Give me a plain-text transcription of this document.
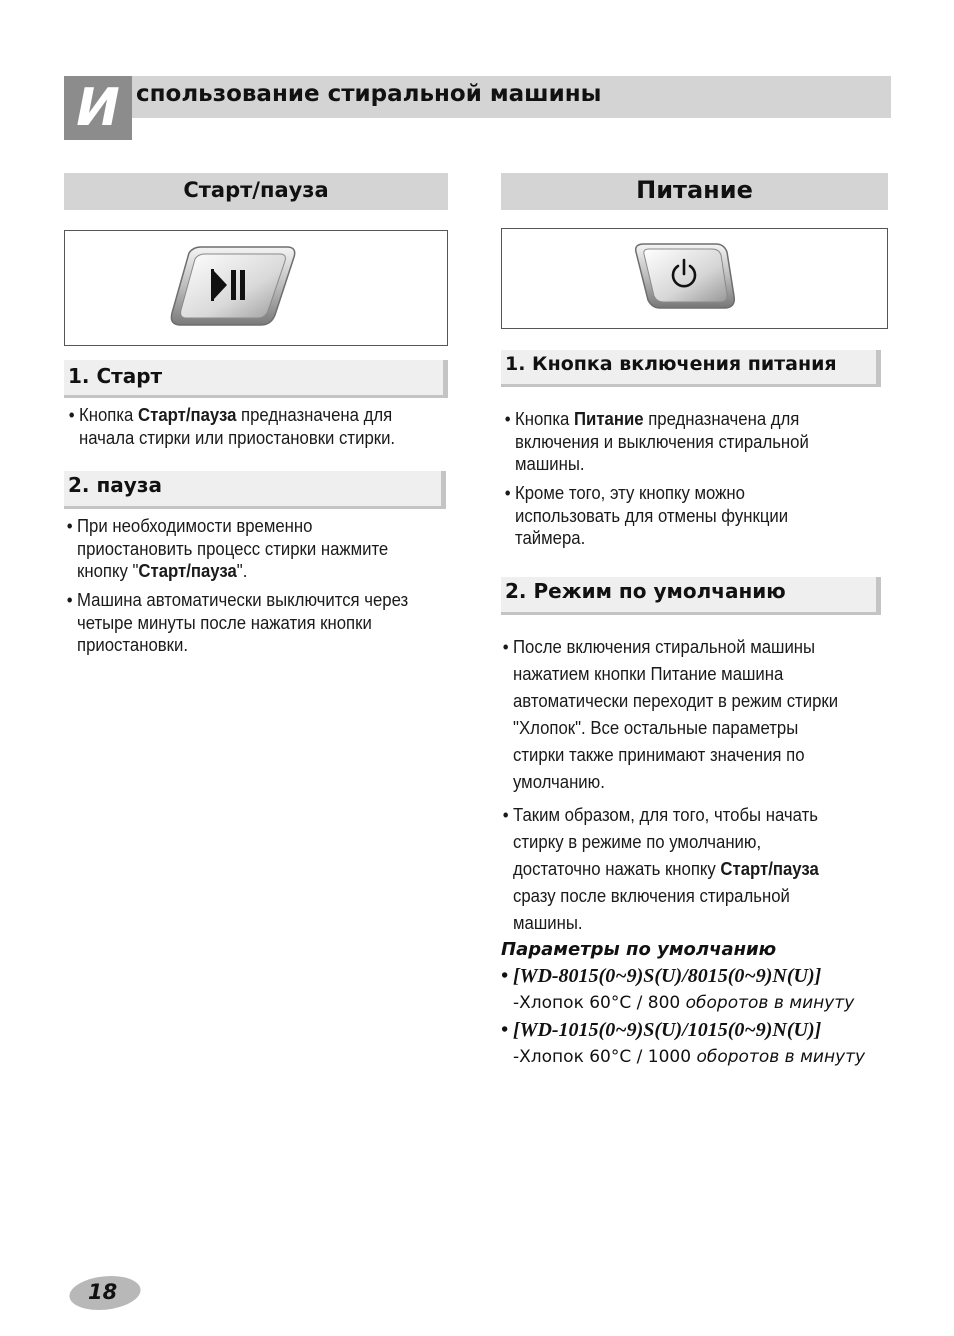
И спользование стиральной машины
Старт/пауза
1. Старт
• Кнопка Старт/пауза предназначена для
начала стирки или приостановки стирки.
2. пауза
• При необходимости временно
приостановить процесс стирки нажмите
кнопку "Старт/пауза".
• Машина автоматически выключится через
четыре минуты после нажатия кнопки
приостановки.
Питание
1. Кнопка включения питания
• Кнопка Питание предназначена для
включения и выключения стиральной
машины.
• Кроме того, эту кнопку можно
использовать для отмены функции
таймера.
2. Режим по умолчанию
• После включения стиральной машины
нажатием кнопки Питание машина
автоматически переходит в режим стирки
"Хлопок". Все остальные параметры
стирки также принимают значения по
умолчанию.
• Таким образом, для того, чтобы начать
стирку в режиме по умолчанию,
достаточно нажать кнопку Старт/пауза
сразу после включения стиральной
машины.
Параметры по умолчанию
• [WD-8015(0~9)S(U)/8015(0~9)N(U)]
-Хлопок 60°C / 800 оборотов в минуту
• [WD-1015(0~9)S(U)/1015(0~9)N(U)]
-Хлопок 60°C / 1000 оборотов в минуту
18
